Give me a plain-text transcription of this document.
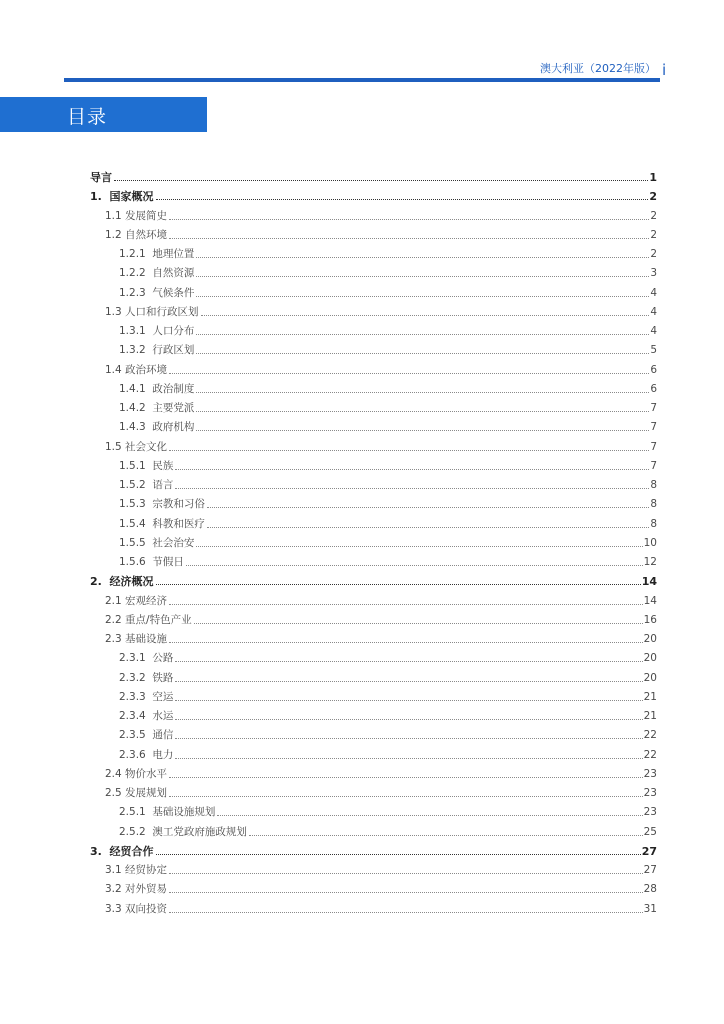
澳大利亚（2022年版） i
目录
导言	1
1. 国家概况	2
1.1 发展简史	2
1.2 自然环境	2
1.2.1 地理位置	2
1.2.2 自然资源	3
1.2.3 气候条件	4
1.3 人口和行政区划	4
1.3.1 人口分布	4
1.3.2 行政区划	5
1.4 政治环境	6
1.4.1 政治制度	6
1.4.2 主要党派	7
1.4.3 政府机构	7
1.5 社会文化	7
1.5.1 民族	7
1.5.2 语言	8
1.5.3 宗教和习俗	8
1.5.4 科教和医疗	8
1.5.5 社会治安	10
1.5.6 节假日	12
2. 经济概况	14
2.1 宏观经济	14
2.2 重点/特色产业	16
2.3 基础设施	20
2.3.1 公路	20
2.3.2 铁路	20
2.3.3 空运	21
2.3.4 水运	21
2.3.5 通信	22
2.3.6 电力	22
2.4 物价水平	23
2.5 发展规划	23
2.5.1 基础设施规划	23
2.5.2 澳工党政府施政规划	25
3. 经贸合作	27
3.1 经贸协定	27
3.2 对外贸易	28
3.3 双向投资	31
